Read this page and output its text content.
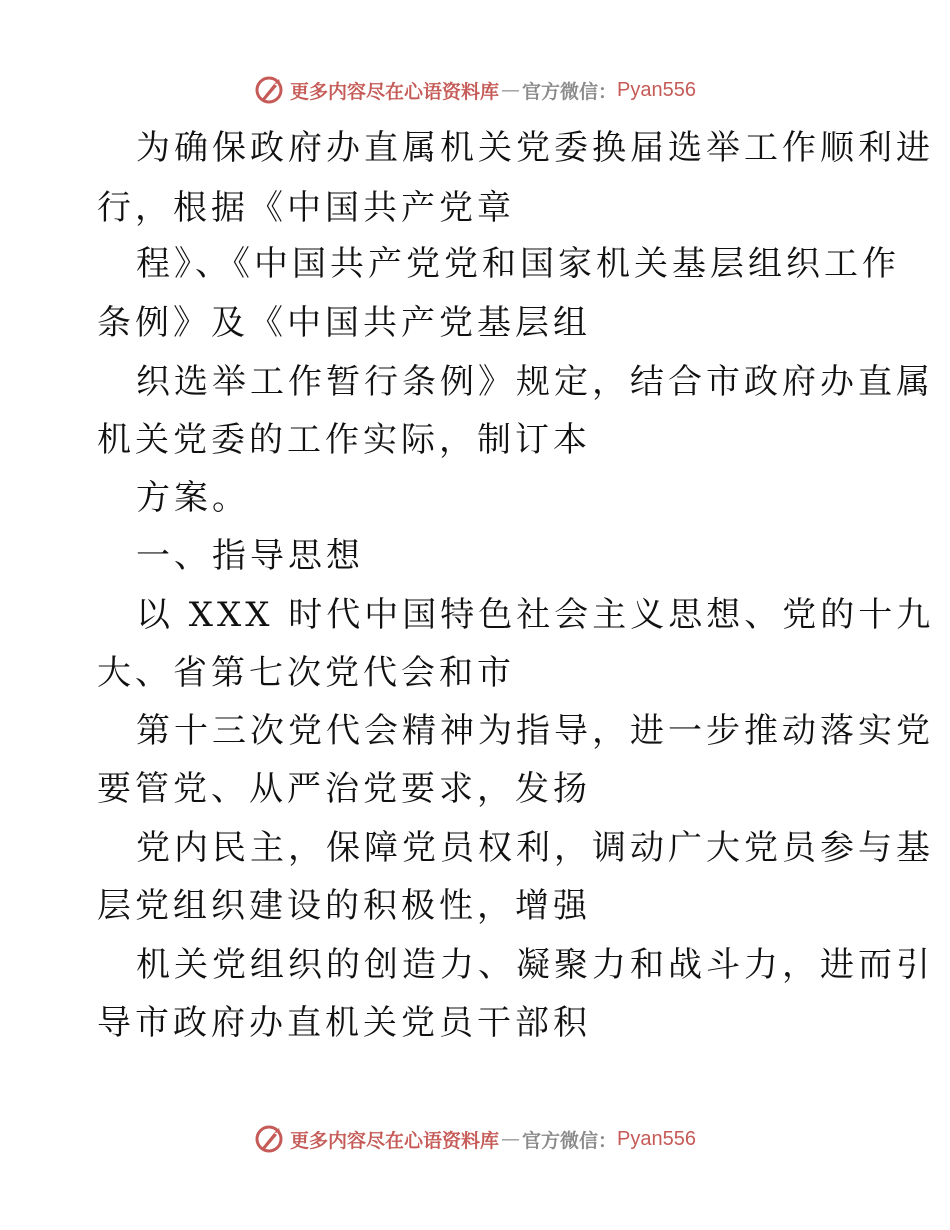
更多内容尽在心语资料库 — 官方微信： Pyan556
为确保政府办直属机关党委换届选举工作顺利进
行，根据《中国共产党章
程》、《中国共产党党和国家机关基层组织工作
条例》及《中国共产党基层组
织选举工作暂行条例》规定，结合市政府办直属
机关党委的工作实际，制订本
方案。
一、指导思想
以 XXX 时代中国特色社会主义思想、党的十九
大、省第七次党代会和市
第十三次党代会精神为指导，进一步推动落实党
要管党、从严治党要求，发扬
党内民主，保障党员权利，调动广大党员参与基
层党组织建设的积极性，增强
机关党组织的创造力、凝聚力和战斗力，进而引
导市政府办直机关党员干部积
更多内容尽在心语资料库 — 官方微信： Pyan556
